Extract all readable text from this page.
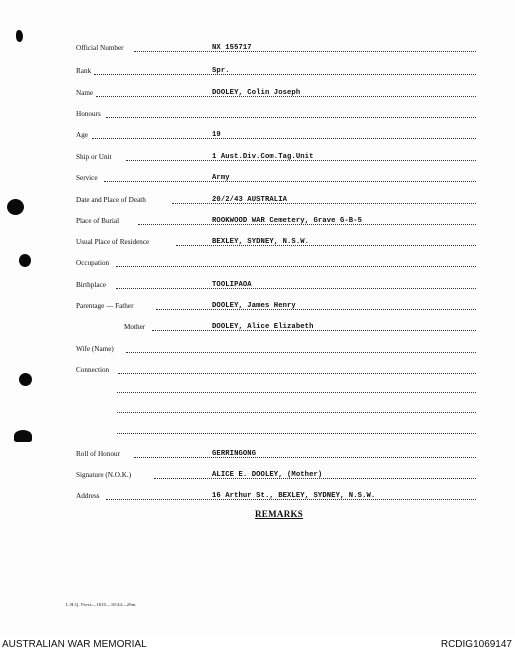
Official Number	NX 155717
Rank	Spr.
Name	DOOLEY, Colin Joseph
Honours
Age	19
Ship or Unit	1 Aust.Div.Com.Tag.Unit
Service	Army
Date and Place of Death	20/2/43 AUSTRALIA
Place of Burial	ROOKWOOD WAR Cemetery, Grave G-B-5
Usual Place of Residence	BEXLEY, SYDNEY, N.S.W.
Occupation
Birthplace	TOOLIPAOA
Parentage — Father	DOOLEY, James Henry
Mother	DOOLEY, Alice Elizabeth
Wife (Name)
Connection
Roll of Honour	GERRINGONG
Signature (N.O.K.)	ALICE E. DOOLEY, (Mother)
Address	16 Arthur St., BEXLEY, SYDNEY, N.S.W.
REMARKS
L.H.Q. Press—1635—10/44—20m.
AUSTRALIAN WAR MEMORIAL	RCDIG1069147
